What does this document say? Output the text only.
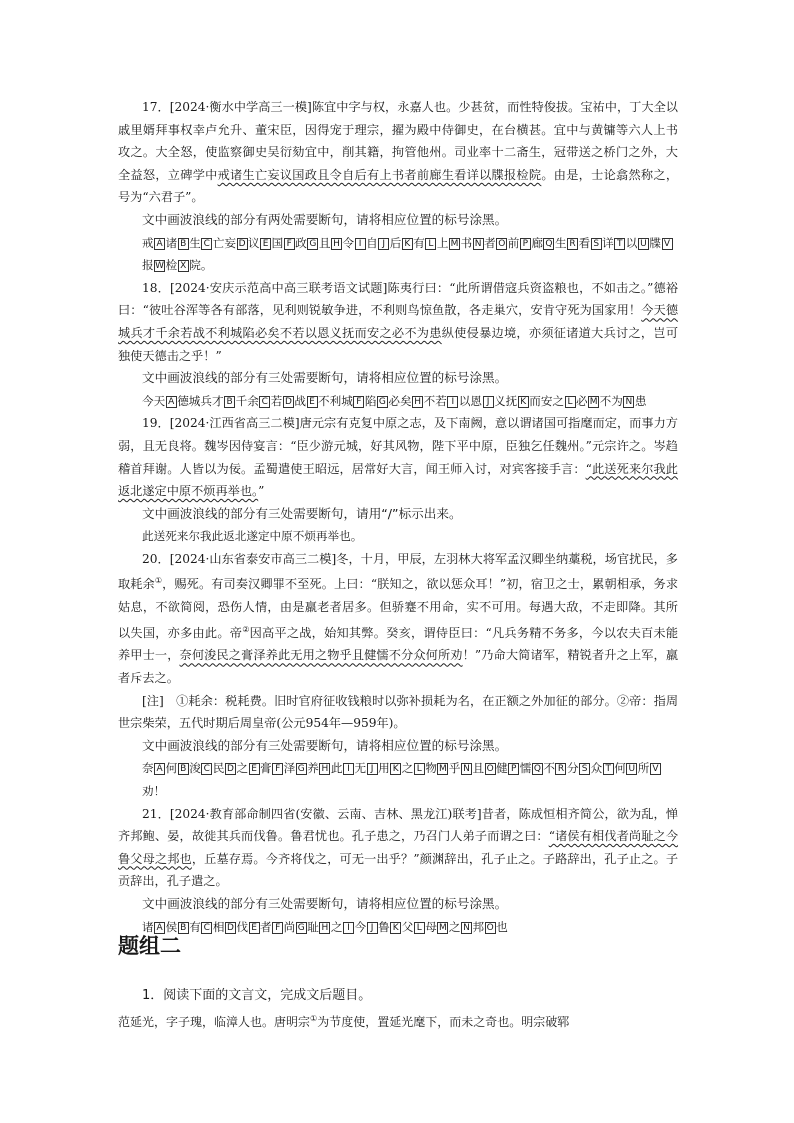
17．[2024·衡水中学高三一模]陈宜中字与权，永嘉人也。少甚贫，而性特俊拔。宝祐中，丁大全以戚里婿拜事权幸卢允升、董宋臣，因得宠于理宗，擢为殿中侍御史，在台横甚。宜中与黄镛等六人上书攻之。大全怒，使监察御史吴衍劾宜中，削其籍，拘管他州。司业率十二斋生，冠带送之桥门之外，大全益怒，立碑学中戒诸生亡妄议国政且令自后有上书者前廊生看详以牒报检院。由是，士论翕然称之，号为“六君子”。

文中画波浪线的部分有两处需要断句，请将相应位置的标号涂黑。

戒 A 诸 B 生 C 亡妄 D 议 E 国 F 政 G 且 H 令 I 自 J 后 K 有 L 上 M 书 N 者 O 前 P 廊 Q 生 R 看 S 详 T 以 U 牒 V报 W 检 X 院。

18．[2024·安庆示范高中高三联考语文试题]陈夷行曰：“此所谓借寇兵资盗粮也，不如击之。”德裕曰：“彼吐谷浑等各有部落，见利则锐敏争进，不利则鸟惊鱼散，各走巢穴，安肯守死为国家用！今天德城兵才千余若战不利城陷必矣不若以恩义抚而安之必不为患纵使侵暴边境，亦须征诸道大兵讨之，岂可独使天德击之乎！”

文中画波浪线的部分有三处需要断句，请将相应位置的标号涂黑。

今天 A 德城兵才 B 千余 C 若 D 战 E 不利城 F 陷 G 必矣 H 不若 I 以恩 J 义抚 K 而安之 L 必 M 不为 N 患

19．[2024·江西省高三二模]唐元宗有克复中原之志，及下南阙，意以谓诸国可指麾而定，而事力方弱，且无良将。魏岑因侍宴言：“臣少游元城，好其风物，陛下平中原，臣独乞任魏州。”元宗许之。岑趋稽首拜谢。人皆以为佞。孟蜀遣使王昭远，居常好大言，闻王师入讨，对宾客接手言：“此送死来尔我此返北遂定中原不烦再举也。”

文中画波浪线的部分有三处需要断句，请用“/”标示出来。

此送死来尔我此返北遂定中原不烦再举也。

20．[2024·山东省泰安市高三二模]冬，十月，甲辰，左羽林大将军孟汉卿坐纳藁税，场官扰民，多取耗余①，赐死。有司奏汉卿罪不至死。上曰：“朕知之，欲以惩众耳！”初，宿卫之士，累朝相承，务求姑息，不欲简阅，恐伤人情，由是羸老者居多。但骄蹇不用命，实不可用。每遇大敌，不走即降。其所以失国，亦多由此。帝②因高平之战，始知其弊。癸亥，谓侍臣曰：“凡兵务精不务多，今以农夫百未能养甲士一，奈何浚民之膏泽养此无用之物乎且健懦不分众何所劝！”乃命大简诸军，精锐者升之上军，羸者斥去之。

[注]　 ①耗余：税耗费。旧时官府征收钱粮时以弥补损耗为名，在正额之外加征的部分。②帝：指周世宗柴荣，五代时期后周皇帝(公元954年—959年)。

文中画波浪线的部分有三处需要断句，请将相应位置的标号涂黑。

奈 A 何 B 浚 C 民 D 之 E 膏 F 泽 G 养 H 此 I 无 J 用 K 之 L 物 M 乎 N 且 O 健 P 懦 Q 不 R 分 S 众 T 何 U 所 V劝！

21．[2024·教育部命制四省(安徽、云南、吉林、黑龙江)联考]昔者，陈成恒相齐简公，欲为乱，惮齐邦鲍、晏，故徙其兵而伐鲁。鲁君忧也。孔子患之，乃召门人弟子而谓之曰：“诸侯有相伐者尚耻之今鲁父母之邦也，丘墓存焉。今齐将伐之，可无一出乎？”颜渊辞出，孔子止之。子路辞出，孔子止之。子贡辞出，孔子遣之。

文中画波浪线的部分有三处需要断句，请将相应位置的标号涂黑。

诸 A 侯 B 有 C 相 D 伐 E 者 F 尚 G 耻 H 之 I 今 J 鲁 K 父 L 母 M 之 N 邦 O 也

题组二

1．阅读下面的文言文，完成文后题目。

范延光，字子瑰，临漳人也。唐明宗①为节度使，置延光麾下，而未之奇也。明宗破郓
